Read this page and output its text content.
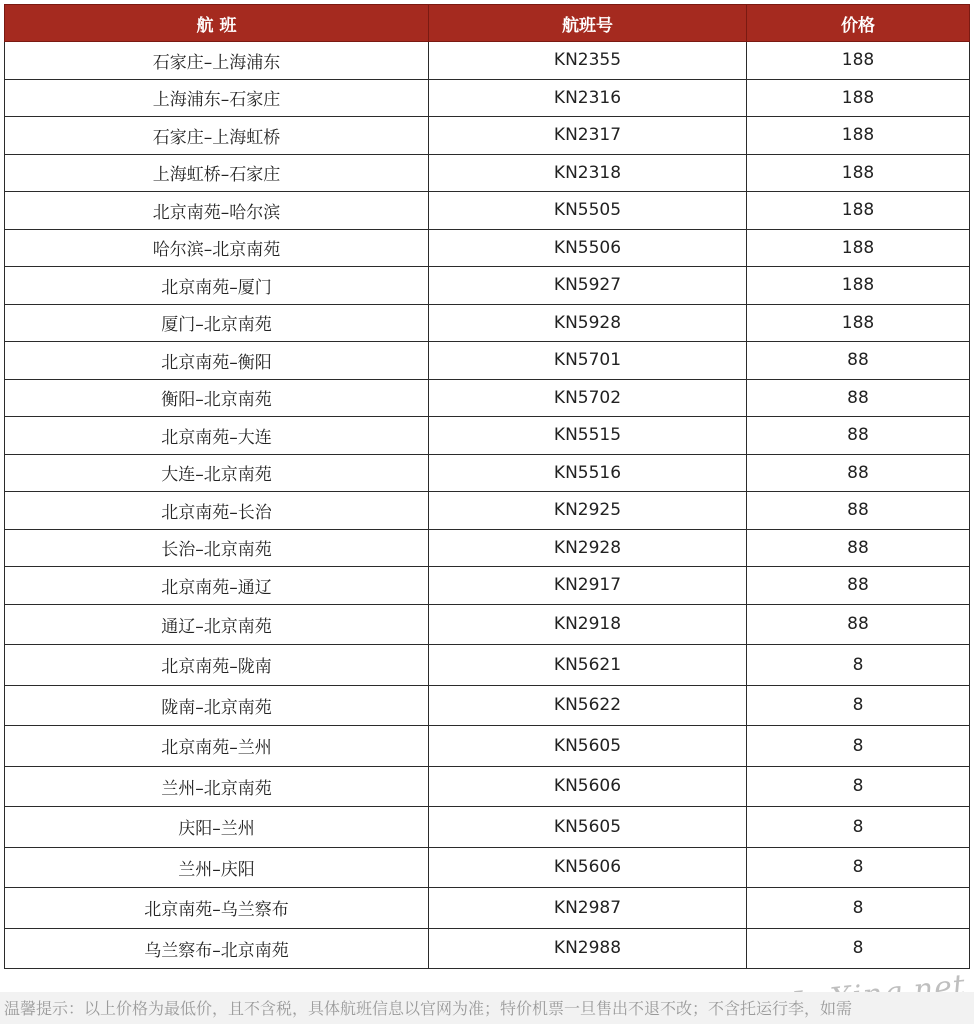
航 班	航班号	价格
石家庄–上海浦东	KN2355	188
上海浦东–石家庄	KN2316	188
石家庄–上海虹桥	KN2317	188
上海虹桥–石家庄	KN2318	188
北京南苑–哈尔滨	KN5505	188
哈尔滨–北京南苑	KN5506	188
北京南苑–厦门	KN5927	188
厦门–北京南苑	KN5928	188
北京南苑–衡阳	KN5701	88
衡阳–北京南苑	KN5702	88
北京南苑–大连	KN5515	88
大连–北京南苑	KN5516	88
北京南苑–长治	KN2925	88
长治–北京南苑	KN2928	88
北京南苑–通辽	KN2917	88
通辽–北京南苑	KN2918	88
北京南苑–陇南	KN5621	8
陇南–北京南苑	KN5622	8
北京南苑–兰州	KN5605	8
兰州–北京南苑	KN5606	8
庆阳–兰州	KN5605	8
兰州–庆阳	KN5606	8
北京南苑–乌兰察布	KN2987	8
乌兰察布–北京南苑	KN2988	8
温馨提示：以上价格为最低价，且不含税，具体航班信息以官网为准；特价机票一旦售出不退不改；不含托运行李，如需
